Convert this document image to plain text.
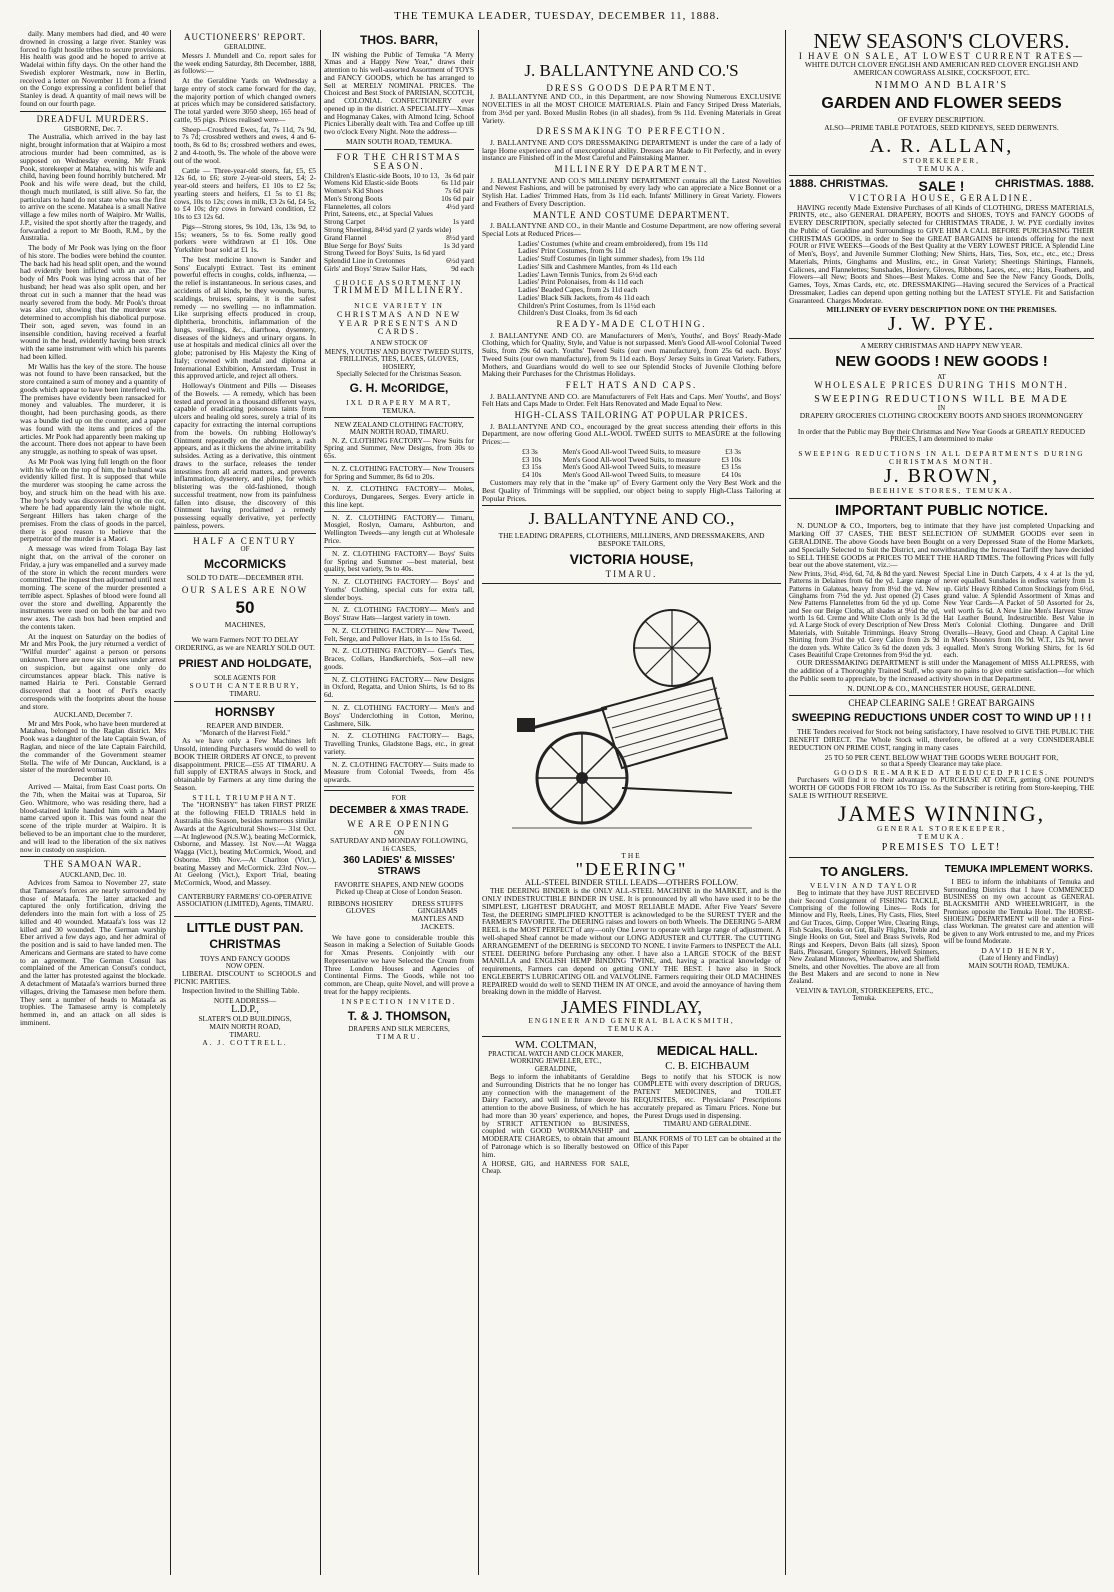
THE TEMUKA LEADER, TUESDAY, DECEMBER 11, 1888.

daily. Many members had died, and 40 were drowned in crossing a large river. Stanley was forced to fight hostile tribes to secure provisions. His health was good and he hoped to arrive at Wadelai within fifty days. On the other hand the Swedish explorer Westmark, now in Berlin, received a letter on November 11 from a friend on the Congo expressing a confident belief that Stanley is dead. A quantity of mail news will be found on our fourth page.

DREADFUL MURDERS.
GISBORNE, Dec. 7.

The Australia, which arrived in the bay last night, brought information that at Waipiro a most atrocious murder had been committed, as is supposed on Wednesday evening. Mr Frank Pook, storekeeper at Matahea, with his wife and child, having been found horribly butchered. Mr Pook and his wife were dead, but the child, though much mutilated, is still alive. So far, the particulars to hand do not state who was the first to arrive on the scene. Matahea is a small Native village a few miles north of Waipiro. Mr Wallis, J.P., visited the spot shortly after the tragedy, and forwarded a report to Mr Booth, R.M., by the Australia.

The body of Mr Pook was lying on the floor of his store. The bodies were behind the counter. The back had his head split open, and the wound had evidently been inflicted with an axe. The body of Mrs Pook was lying across that of her husband; her head was also split open, and her throat cut in such a manner that the head was nearly severed from the body. Mr Pook's throat was also cut, showing that the murderer was determined to accomplish his diabolical purpose. Their son, aged seven, was found in an insensible condition, having received a fearful wound in the head, evidently having been struck with the same instrument with which his parents had been killed.

Mr Wallis has the key of the store. The house was not found to have been ransacked, but the store contained a sum of money and a quantity of goods which appear to have been interfered with. The premises have evidently been ransacked for money and valuables. The murderer, it is thought, had been purchasing goods, as there was a bundle tied up on the counter, and a paper was found with the items and prices of the articles. Mr Pook had apparently been making up the account. There does not appear to have been any struggle, as nothing to speak of was upset.

As Mr Pook was lying full length on the floor with his wife on the top of him, the husband was evidently killed first. It is supposed that while the murderer was stooping he came across the boy, and struck him on the head with his axe. The boy's body was discovered lying on the cot, where he had apparently lain the whole night. Sergeant Hillers has taken charge of the premises. From the class of goods in the parcel, there is good reason to believe that the perpetrator of the murder is a Maori.

A message was wired from Tolaga Bay last night that, on the arrival of the coroner on Friday, a jury was empanelled and a survey made of the store in which the recent murders were committed. The inquest then adjourned until next morning. The scene of the murder presented a terrible aspect. Splashes of blood were found all over the store and dwelling. Apparently the instruments were used on both the bar and two new axes. The cash box had been emptied and the contents taken.

At the inquest on Saturday on the bodies of Mr and Mrs Pook, the jury returned a verdict of "Wilful murder" against a person or persons unknown. There are now six natives under arrest on suspicion, but against one only do circumstances appear black. This native is named Hairia te Peri. Constable Gerrard discovered that a boot of Peri's exactly corresponds with the footprints about the house and store.

AUCKLAND, December 7.

Mr and Mrs Pook, who have been murdered at Matahea, belonged to the Raglan district. Mrs Pook was a daughter of the late Captain Swan, of Raglan, and niece of the late Captain Fairchild, the commander of the Government steamer Stella. The wife of Mr Duncan, Auckland, is a sister of the murdered woman.

December 10.

Arrived — Maitai, from East Coast ports. On the 7th, when the Maitai was at Tuparoa, Sir Geo. Whitmore, who was residing there, had a blood-stained knife handed him with a Maori name carved upon it. This was found near the scene of the triple murder at Waipiro. It is believed to be an important clue to the murderer, and will lead to the liberation of the six natives now in custody on suspicion.

THE SAMOAN WAR.
AUCKLAND, Dec. 10.

Advices from Samoa to November 27, state that Tamasese's forces are nearly surrounded by those of Mataafa. The latter attacked and captured the only fortification, driving the defenders into the main fort with a loss of 25 killed and 40 wounded. Mataafa's loss was 12 killed and 30 wounded. The German warship Eber arrived a few days ago, and her admiral of the position and is said to have landed men. The Americans and Germans are stated to have come to an agreement. The German Consul has complained of the American Consul's conduct, and the latter has protested against the blockade. A detachment of Mataafa's warriors burned three villages, driving the Tamasese men before them. They sent a number of heads to Mataafa as trophies. The Tamasese army is completely hemmed in, and an attack on all sides is imminent.

AUCTIONEERS' REPORT.
GERALDINE.

Messrs J. Mundell and Co. report sales for the week ending Saturday, 8th December, 1888, as follows:—

At the Geraldine Yards on Wednesday a large entry of stock came forward for the day, the majority portion of which changed owners at prices which may be considered satisfactory. The total yarded were 3050 sheep, 165 head of cattle, 95 pigs. Prices realised were—

Sheep—Crossbred Ewes, fat, 7s 11d, 7s 9d, to 7s 7d; crossbred wethers and ewes, 4 and 6-tooth, 8s 6d to 8s; crossbred wethers and ewes, 2 and 4-tooth, 9s. The whole of the above were out of the wool.

Cattle — Three-year-old steers, fat, £5, £5 12s 6d, to £6; store 2-year-old steers, £4; 2-year-old steers and heifers, £1 10s to £2 5s; yearling steers and heifers, £1 5s to £1 8s; cows, 10s to 12s; cows in milk, £3 2s 6d, £4 5s, to £4 10s; dry cows in forward condition, £2 10s to £3 12s 6d.

Pigs—Strong stores, 9s 10d, 13s, 13s 9d, to 15s; weaners, 5s to 6s. Some really good porkers were withdrawn at £1 10s. One Yorkshire boar sold at £1 1s.

The best medicine known is Sander and Sons' Eucalypti Extract. Test its eminent powerful effects in coughs, colds, influenza, — the relief is instantaneous. In serious cases, and accidents of all kinds, be they wounds, burns, scaldings, bruises, sprains, it is the safest remedy — no swelling — no inflammation. Like surprising effects produced in croup, diphtheria, bronchitis, inflammation of the lungs, swellings, &c., diarrhoea, dysentery, diseases of the kidneys and urinary organs. In use at hospitals and medical clinics all over the globe; patronised by His Majesty the King of Italy; crowned with medal and diploma at International Exhibition, Amsterdam. Trust in this approved article, and reject all others.

Holloway's Ointment and Pills — Diseases of the Bowels. — A remedy, which has been tested and proved in a thousand different ways, capable of eradicating poisonous taints from ulcers and healing old sores, surely a trial of its capacity for extracting the internal corruptions from the bowels. On rubbing Holloway's Ointment repeatedly on the abdomen, a rash appears, and as it thickens the alvine irritability subsides. Acting as a derivative, this ointment draws to the surface, releases the tender intestines from all acrid matters, and prevents inflammation, dysentery, and piles, for which blistering was the old-fashioned, though successful treatment, now from its painfulness fallen into disuse, the discovery of this Ointment having proclaimed a remedy possessing equally derivative, yet perfectly painless, powers.

HALF A CENTURY
OF
McCORMICKS
SOLD TO DATE—DECEMBER 8TH.
OUR SALES ARE NOW
50
MACHINES,

We warn Farmers NOT TO DELAY ORDERING, as we are NEARLY SOLD OUT.

PRIEST AND HOLDGATE,
SOLE AGENTS FOR
SOUTH CANTERBURY,
TIMARU.
HORNSBY
REAPER AND BINDER.
"Monarch of the Harvest Field."

As we have only a Few Machines left Unsold, intending Purchasers would do well to BOOK THEIR ORDERS AT ONCE, to prevent disappointment. PRICE—£55 AT TIMARU. A full supply of EXTRAS always in Stock, and obtainable by Farmers at any time during the Season.

STILL TRIUMPHANT.

The "HORNSBY" has taken FIRST PRIZE at the following FIELD TRIALS held in Australia this Season, besides numerous similar Awards at the Agricultural Shows:— 31st Oct.—At Inglewood (N.S.W.), beating McCormick, Osborne, and Massey. 1st Nov.—At Wagga Wagga (Vict.), beating McCormick, Wood, and Osborne. 19th Nov.—At Charlton (Vict.), beating Massey and McCormick. 23rd Nov.—At Geelong (Vict.), Export Trial, beating McCormick, Wood, and Massey.

CANTERBURY FARMERS' CO-OPERATIVE ASSOCIATION (LIMITED), Agents, TIMARU.

LITTLE DUST PAN.
CHRISTMAS
TOYS AND FANCY GOODS
NOW OPEN.

LIBERAL DISCOUNT to SCHOOLS and PICNIC PARTIES.

Inspection Invited to the Shilling Table.

NOTE ADDRESS—
L.D.P.,
SLATER'S OLD BUILDINGS,
MAIN NORTH ROAD,
TIMARU.
A. J. COTTRELL.
THOS. BARR,

IN wishing the Public of Temuka "A Merry Xmas and a Happy New Year," draws their attention to his well-assorted Assortment of TOYS and FANCY GOODS, which he has arranged to Sell at MERELY NOMINAL PRICES. The Choicest and Best Stock of PARISIAN, SCOTCH, and COLONIAL CONFECTIONERY ever opened up in the district. A SPECIALITY—Xmas and Hogmanay Cakes, with Almond Icing. School Picnics Liberally dealt with. Tea and Coffee up till two o'clock Every Night. Note the address—

MAIN SOUTH ROAD, TEMUKA.
FOR THE CHRISTMAS SEASON.
Children's Elastic-side Boots, 10 to 13, 3s 6d pair
Womens Kid Elastic-side Boots	6s 11d pair
Women's Kid Shoes	7s 6d pair
Men's Strong Boots	10s 6d pair
Flannelettes, all colors	4½d yard
Print, Sateens, etc., at Special Values
Strong Carpet	1s yard
Strong Sheeting, 84½d yard (2 yards wide)
Grand Flannel	8½d yard
Blue Serge for Boys' Suits	1s 3d yard
Strong Tweed for Boys' Suits, 1s 6d yard
Splendid Line in Cretonnes	6½d yard
Girls' and Boys' Straw Sailor Hats,	9d each
CHOICE ASSORTMENT IN
TRIMMED MILLINERY.
NICE VARIETY IN
CHRISTMAS AND NEW YEAR PRESENTS AND CARDS.
A NEW STOCK OF
MEN'S, YOUTHS' AND BOYS' TWEED SUITS, FRILLINGS, TIES, LACES, GLOVES, HOSIERY,
Specially Selected for the Christmas Season.
G. H. McORIDGE,
IXL DRAPERY MART,
TEMUKA.
NEW ZEALAND CLOTHING FACTORY,
MAIN NORTH ROAD, TIMARU.

N. Z. CLOTHING FACTORY— New Suits for Spring and Summer, New Designs, from 30s to 65s.

N. Z. CLOTHING FACTORY— New Trousers for Spring and Summer, 8s 6d to 20s.

N. Z. CLOTHING FACTORY— Moles, Corduroys, Dungarees, Serges. Every article in this line kept.

N. Z. CLOTHING FACTORY— Timaru, Mosgiel, Roslyn, Oamaru, Ashburton, and Wellington Tweeds—any length cut at Wholesale Price.

N. Z. CLOTHING FACTORY— Boys' Suits for Spring and Summer —best material, best quality, best variety, 9s to 40s.

N. Z. CLOTHING FACTORY— Boys' and Youths' Clothing, special cuts for extra tall, slender boys.

N. Z. CLOTHING FACTORY— Men's and Boys' Straw Hats—largest variety in town.

N. Z. CLOTHING FACTORY— New Tweed, Felt, Serge, and Pullover Hats, in 1s to 15s 6d.

N. Z. CLOTHING FACTORY— Gent's Ties, Braces, Collars, Handkerchiefs, Sox—all new goods.

N. Z. CLOTHING FACTORY— New Designs in Oxford, Regatta, and Union Shirts, 1s 6d to 8s 6d.

N. Z. CLOTHING FACTORY— Men's and Boys' Underclothing in Cotton, Merino, Cashmere, Silk.

N. Z. CLOTHING FACTORY— Bags, Travelling Trunks, Gladstone Bags, etc., in great variety.

N. Z. CLOTHING FACTORY— Suits made to Measure from Colonial Tweeds, from 45s upwards.

FOR
DECEMBER & XMAS TRADE.
WE ARE OPENING
ON
SATURDAY AND MONDAY FOLLOWING,
16 CASES,
360 LADIES' & MISSES' STRAWS
FAVORITE SHAPES, AND NEW GOODS
Picked up Cheap at Close of London Season.
RIBBONS HOSIERY GLOVES
DRESS STUFFS GINGHAMS MANTLES AND JACKETS.

We have gone to considerable trouble this Season in making a Selection of Suitable Goods for Xmas Presents. Conjointly with our Representative we have Selected the Cream from Three London Houses and Agencies of Continental Firms. The Goods, while not too common, are Cheap, quite Novel, and will prove a treat for the happy recipients.

INSPECTION INVITED.
T. & J. THOMSON,
DRAPERS AND SILK MERCERS,
TIMARU.
J. BALLANTYNE AND CO.'S
DRESS GOODS DEPARTMENT.

J. BALLANTYNE AND CO., in this Department, are now Showing Numerous EXCLUSIVE NOVELTIES in all the MOST CHOICE MATERIALS. Plain and Fancy Striped Dress Materials, from 3½d per yard. Boxed Muslin Robes (in all shades), from 9s 11d. Evening Materials in Great Variety.

DRESSMAKING TO PERFECTION.

J. BALLANTYNE AND CO'S DRESSMAKING DEPARTMENT is under the care of a lady of large Home experience and of unexceptional ability. Dresses are Made to Fit Perfectly, and in every instance are Finished off in the Most Careful and Painstaking Manner.

MILLINERY DEPARTMENT.

J. BALLANTYNE AND CO.'S MILLINERY DEPARTMENT contains all the Latest Novelties and Newest Fashions, and will be patronised by every lady who can appreciate a Nice Bonnet or a Stylish Hat. Ladies' Trimmed Hats, from 3s 11d each. Infants' Millinery in Great Variety. Flowers and Feathers of Every Description.

MANTLE AND COSTUME DEPARTMENT.

J. BALLANTYNE AND CO., in their Mantle and Costume Department, are now offering several Special Lots at Reduced Prices—

Ladies' Costumes (white and cream embroidered), from 19s 11d
Ladies' Print Costumes, from 9s 11d
Ladies' Stuff Costumes (in light summer shades), from 19s 11d
Ladies' Silk and Cashmere Mantles, from 4s 11d each
Ladies' Lawn Tennis Tunics, from 2s 6½d each
Ladies' Print Polonaises, from 4s 11d each
Ladies' Beaded Capes, from 2s 11d each
Ladies' Black Silk Jackets, from 4s 11d each
Children's Print Costumes, from 1s 11½d each
Children's Dust Cloaks, from 3s 6d each
READY-MADE CLOTHING.

J. BALLANTYNE AND CO. are Manufacturers of Men's, Youths', and Boys' Ready-Made Clothing, which for Quality, Style, and Value is not surpassed. Men's Good All-wool Colonial Tweed Suits, from 29s 6d each. Youths' Tweed Suits (our own manufacture), from 25s 6d each. Boys' Tweed Suits (our own manufacture), from 9s 11d each. Boys' Jersey Suits in Great Variety. Fathers, Mothers, and Guardians would do well to see our Splendid Stocks of Juvenile Clothing before Making their Purchases for the Christmas Holidays.

FELT HATS AND CAPS.

J. BALLANTYNE AND CO. are Manufacturers of Felt Hats and Caps. Men' Youths', and Boys' Felt Hats and Caps Made to Order. Felt Hats Renovated and Made Equal to New.

HIGH-CLASS TAILORING AT POPULAR PRICES.

J. BALLANTYNE AND CO., encouraged by the great success attending their efforts in this Department, are now offering Good ALL-WOOL TWEED SUITS to MEASURE at the following Prices:—

£3 3s	Men's Good All-wool Tweed Suits, to measure	£3 3s
£3 10s	Men's Good All-wool Tweed Suits, to measure	£3 10s
£3 15s	Men's Good All-wool Tweed Suits, to measure	£3 15s
£4 10s	Men's Good All-wool Tweed Suits, to measure	£4 10s

Customers may rely that in the "make up" of Every Garment only the Very Best Work and the Best Quality of Trimmings will be supplied, our object being to supply High-Class Tailoring at Popular Prices.

J. BALLANTYNE AND CO.,
THE LEADING DRAPERS, CLOTHIERS, MILLINERS, AND DRESSMAKERS, AND BESPOKE TAILORS,
VICTORIA HOUSE,
TIMARU.
THE
"DEERING"
ALL-STEEL BINDER STILL LEADS—OTHERS FOLLOW.

THE DEERING BINDER is the ONLY ALL-STEEL MACHINE in the MARKET, and is the ONLY INDESTRUCTIBLE BINDER IN USE. It is pronounced by all who have used it to be the SIMPLEST, LIGHTEST DRAUGHT, and MOST RELIABLE MADE. After Five Years' Severe Test, the DEERING SIMPLIFIED KNOTTER is acknowledged to be the SUREST TYER and the FARMER'S FAVORITE. The DEERING raises and lowers on both Wheels. The DEERING 5-ARM REEL is the MOST PERFECT of any—only One Lever to operate with large range of adjustment. A well-shaped Sheaf cannot be made without our LONG ADJUSTER and CUTTER. The CUTTING ARRANGEMENT of the DEERING is SECOND TO NONE. I invite Farmers to INSPECT the ALL STEEL DEERING before Purchasing any other. I have also a LARGE STOCK of the BEST MANILLA and ENGLISH HEMP BINDING TWINE, and, having a practical knowledge of requirements, Farmers can depend on getting ONLY THE BEST. I have also in Stock ENGLEBERT'S LUBRICATING OIL and VALVOLINE. Farmers requiring their OLD MACHINES REPAIRED would do well to SEND THEM IN AT ONCE, and avoid the annoyance of having them breaking down in the middle of Harvest.

JAMES FINDLAY,
ENGINEER AND GENERAL BLACKSMITH,
TEMUKA.
WM. COLTMAN,
PRACTICAL WATCH AND CLOCK MAKER,
WORKING JEWELLER, ETC.,
GERALDINE,

Begs to inform the inhabitants of Geraldine and Surrounding Districts that he no longer has any connection with the management of the Dairy Factory, and will in future devote his attention to the above Business, of which he has had more than 30 years' experience, and hopes, by STRICT ATTENTION to BUSINESS, coupled with GOOD WORKMANSHIP and MODERATE CHARGES, to obtain that amount of Patronage which is so liberally bestowed on him.

A HORSE, GIG, and HARNESS FOR SALE, Cheap.
MEDICAL HALL.
C. B. EICHBAUM

Begs to notify that his STOCK is now COMPLETE with every description of DRUGS, PATENT MEDICINES, and TOILET REQUISITES, etc. Physicians' Prescriptions accurately prepared as Timaru Prices. None but the Purest Drugs used in dispensing.

TIMARU AND GERALDINE.
BLANK FORMS of TO LET can be obtained at the Office of this Paper
NEW SEASON'S CLOVERS.
I HAVE ON SALE, AT LOWEST CURRENT RATES—
WHITE DUTCH CLOVER ENGLISH AND AMERICAN RED CLOVER ENGLISH AND AMERICAN COWGRASS ALSIKE, COCKSFOOT, ETC.
NIMMO AND BLAIR'S
GARDEN AND FLOWER SEEDS
OF EVERY DESCRIPTION.
ALSO—PRIME TABLE POTATOES, SEED KIDNEYS, SEED DERWENTS.
A. R. ALLAN,
STOREKEEPER,
TEMUKA.
1888. CHRISTMAS. SALE !	CHRISTMAS. 1888.
VICTORIA HOUSE, GERALDINE.

HAVING recently Made Extensive Purchases of all Kinds of CLOTHING, DRESS MATERIALS, PRINTS, etc., also GENERAL DRAPERY, BOOTS and SHOES, TOYS and FANCY GOODS of EVERY DESCRIPTION, specially selected for CHRISTMAS TRADE, J. W. PYE cordially invites the Public of Geraldine and Surroundings to GIVE HIM A CALL BEFORE PURCHASING THEIR CHRISTMAS GOODS, in order to See the GREAT BARGAINS he intends offering for the next FOUR or FIVE WEEKS—Goods of the Best Quality at the VERY LOWEST PRICE. A Splendid Line of Men's, Boys', and Juvenile Summer Clothing; New Shirts, Hats, Ties, Sox, etc., etc., etc.; Dress Materials, Prints, Ginghams and Muslins, etc., in Great Variety; Sheetings Shirtings, Flannels, Calicoes, and Flannelettes; Sunshades, Hosiery, Gloves, Ribbons, Laces, etc., etc.; Hats, Feathers, and Flowers—all New; Boots and Shoes—Best Makes. Come and See the New Fancy Goods, Dolls, Games, Toys, Xmas Cards, etc, etc. DRESSMAKING—Having secured the Services of a Practical Dressmaker, Ladies can depend upon getting nothing but the LATEST STYLE. Fit and Satisfaction Guaranteed. Charges Moderate.

MILLINERY OF EVERY DESCRIPTION DONE ON THE PREMISES.
J. W. PYE.
A MERRY CHRISTMAS AND HAPPY NEW YEAR.
NEW GOODS ! NEW GOODS !
AT
WHOLESALE PRICES DURING THIS MONTH.
SWEEPING REDUCTIONS WILL BE MADE
IN
DRAPERY GROCERIES CLOTHING CROCKERY BOOTS AND SHOES IRONMONGERY

In order that the Public may Buy their Christmas and New Year Goods at GREATLY REDUCED PRICES, I am determined to make

SWEEPING REDUCTIONS IN ALL DEPARTMENTS DURING CHRISTMAS MONTH.
J. BROWN,
BEEHIVE STORES, TEMUKA.
IMPORTANT PUBLIC NOTICE.

N. DUNLOP & CO., Importers, beg to intimate that they have just completed Unpacking and Marking Off 37 CASES, THE BEST SELECTION OF SUMMER GOODS ever seen in GERALDINE. The above Goods have been Bought on a very Depressed State of the Home Markets, and Specially Selected to Suit the District, and notwithstanding the Increased Tariff they have decided to SELL THESE GOODS at PRICES TO MEET THE HARD TIMES. The following Prices will fully bear out the above statement, viz.:—

New Prints, 3½d, 4½d, 6d, 7d, & 8d the yard. Newest Patterns in Delaines from 6d the yd. Large range of Patterns in Galateas, heavy from 8½d the yd. New Ginghams from 7½d the yd. Just opened (2) Cases New Patterns Flannelettes from 6d the yd up. Come and See our Beige Cloths, all shades at 9½d the yd, worth 1s 6d. Creme and White Cloth only 1s 3d the yd. A Large Stock of every Description of New Dress Materials, with Suitable Trimmings. Heavy Strong Shirting from 3½d the yd. Grey Calico from 2s 9d the dozen yds. White Calico 3s 6d the dozen yds. 3 Cases Beautiful Crape Cretonnes from 9½d the yd.
Special Line in Dutch Carpets, 4 x 4 at 1s the yd, never equalled. Sunshades in endless variety from 1s up. Girls' Heavy Ribbed Cotton Stockings from 6½d, grand value. A Splendid Assortment of Xmas and New Year Cards—A Packet of 50 Assorted for 2s, well worth 5s 6d. A New Line Men's Harvest Straw Hat Leather Bound, Indestructible. Best Value in Men's Colonial Clothing. Dungaree and Drill Overalls—Heavy, Good and Cheap. A Capital Line in Men's Shooters from 10s 9d. W.T., 12s 9d, never equalled. Men's Strong Working Shirts, for 1s 6d each.

OUR DRESSMAKING DEPARTMENT is still under the Management of MISS ALLPRESS, with the addition of a Thoroughly Trained Staff, who spare no pains to give entire satisfaction—for which the Public seem to appreciate, by the increased activity shown in that Department.

N. DUNLOP & CO., MANCHESTER HOUSE, GERALDINE.
CHEAP CLEARING SALE ! GREAT BARGAINS
SWEEPING REDUCTIONS UNDER COST TO WIND UP ! ! !

THE Tenders received for Stock not being satisfactory, I have resolved to GIVE THE PUBLIC THE BENEFIT DIRECT. The Whole Stock will, therefore, be offered at a very CONSIDERABLE REDUCTION ON PRIME COST, ranging in many cases

25 TO 50 PER CENT. BELOW WHAT THE GOODS WERE BOUGHT FOR,
so that a Speedy Clearance may take place.
GOODS RE-MARKED AT REDUCED PRICES.

Purchasers will find it to their advantage to PURCHASE AT ONCE, getting ONE POUND'S WORTH OF GOODS FOR FROM 10s TO 15s. As the Subscriber is retiring from Store-keeping, THE SALE IS WITHOUT RESERVE.

JAMES WINNING,
GENERAL STOREKEEPER,
TEMUKA.
PREMISES TO LET!
TO ANGLERS.
VELVIN AND TAYLOR

Beg to intimate that they have JUST RECEIVED their Second Consignment of FISHING TACKLE, Comprising of the following Lines— Rods for Minnow and Fly, Reels, Lines, Fly Casts, Flies, Steel and Gut Traces, Gimp, Copper Wire, Clearing Rings, Fish Scales, Hooks on Gut, Baily Flights, Treble and Single Hooks on Gut, Steel and Brass Swivels, Rod Rings and Keepers, Devon Baits (all sizes), Spoon Baits, Pheasant, Gregory Spinners, Helvell Spinners, New Zealand Minnows, Wheelbarrow, and Sheffield Smelts, and other Novelties. The above are all from the Best Makers and are second to none in New Zealand.

VELVIN & TAYLOR, STOREKEEPERS, ETC., Temuka.
TEMUKA IMPLEMENT WORKS.

I BEG to inform the inhabitants of Temuka and Surrounding Districts that I have COMMENCED BUSINESS on my own account as GENERAL BLACKSMITH AND WHEELWRIGHT, in the Premises opposite the Temuka Hotel. The HORSE-SHOEING DEPARTMENT will be under a First-class Workman. The greatest care and attention will be given to any Work entrusted to me, and my Prices will be found Moderate.

DAVID HENRY,
(Late of Henry and Findlay)
MAIN SOUTH ROAD, TEMUKA.
